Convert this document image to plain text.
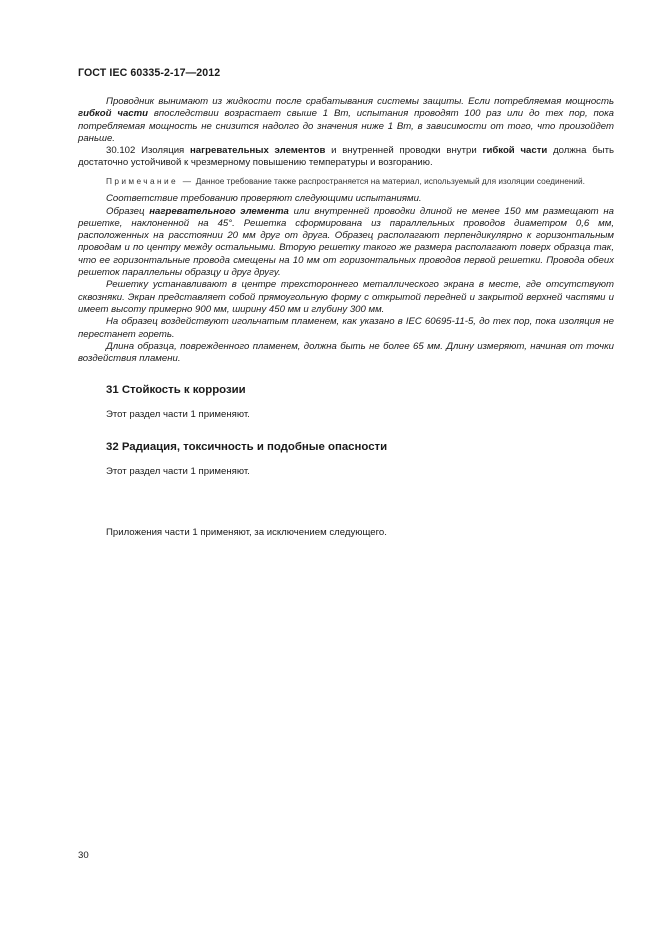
ГОСТ IEC 60335-2-17—2012

Проводник вынимают из жидкости после срабатывания системы защиты. Если потребляемая мощность гибкой части впоследствии возрастает свыше 1 Вт, испытания проводят 100 раз или до тех пор, пока потребляемая мощность не снизится надолго до значения ниже 1 Вт, в зависимости от того, что произойдет раньше.

30.102 Изоляция нагревательных элементов и внутренней проводки внутри гибкой части должна быть достаточно устойчивой к чрезмерному повышению температуры и возгоранию.

Примечание — Данное требование также распространяется на материал, используемый для изоляции соединений.

Соответствие требованию проверяют следующими испытаниями.

Образец нагревательного элемента или внутренней проводки длиной не менее 150 мм размещают на решетке, наклоненной на 45°. Решетка сформирована из параллельных проводов диаметром 0,6 мм, расположенных на расстоянии 20 мм друг от друга. Образец располагают перпендикулярно к горизонтальным проводам и по центру между остальными. Вторую решетку такого же размера располагают поверх образца так, что ее горизонтальные провода смещены на 10 мм от горизонтальных проводов первой решетки. Провода обеих решеток параллельны образцу и друг другу.

Решетку устанавливают в центре трехстороннего металлического экрана в месте, где отсутствуют сквозняки. Экран представляет собой прямоугольную форму с открытой передней и закрытой верхней частями и имеет высоту примерно 900 мм, ширину 450 мм и глубину 300 мм.

На образец воздействуют игольчатым пламенем, как указано в IEC 60695-11-5, до тех пор, пока изоляция не перестанет гореть.

Длина образца, поврежденного пламенем, должна быть не более 65 мм. Длину измеряют, начиная от точки воздействия пламени.

31 Стойкость к коррозии

Этот раздел части 1 применяют.

32 Радиация, токсичность и подобные опасности

Этот раздел части 1 применяют.

Приложения части 1 применяют, за исключением следующего.

30
